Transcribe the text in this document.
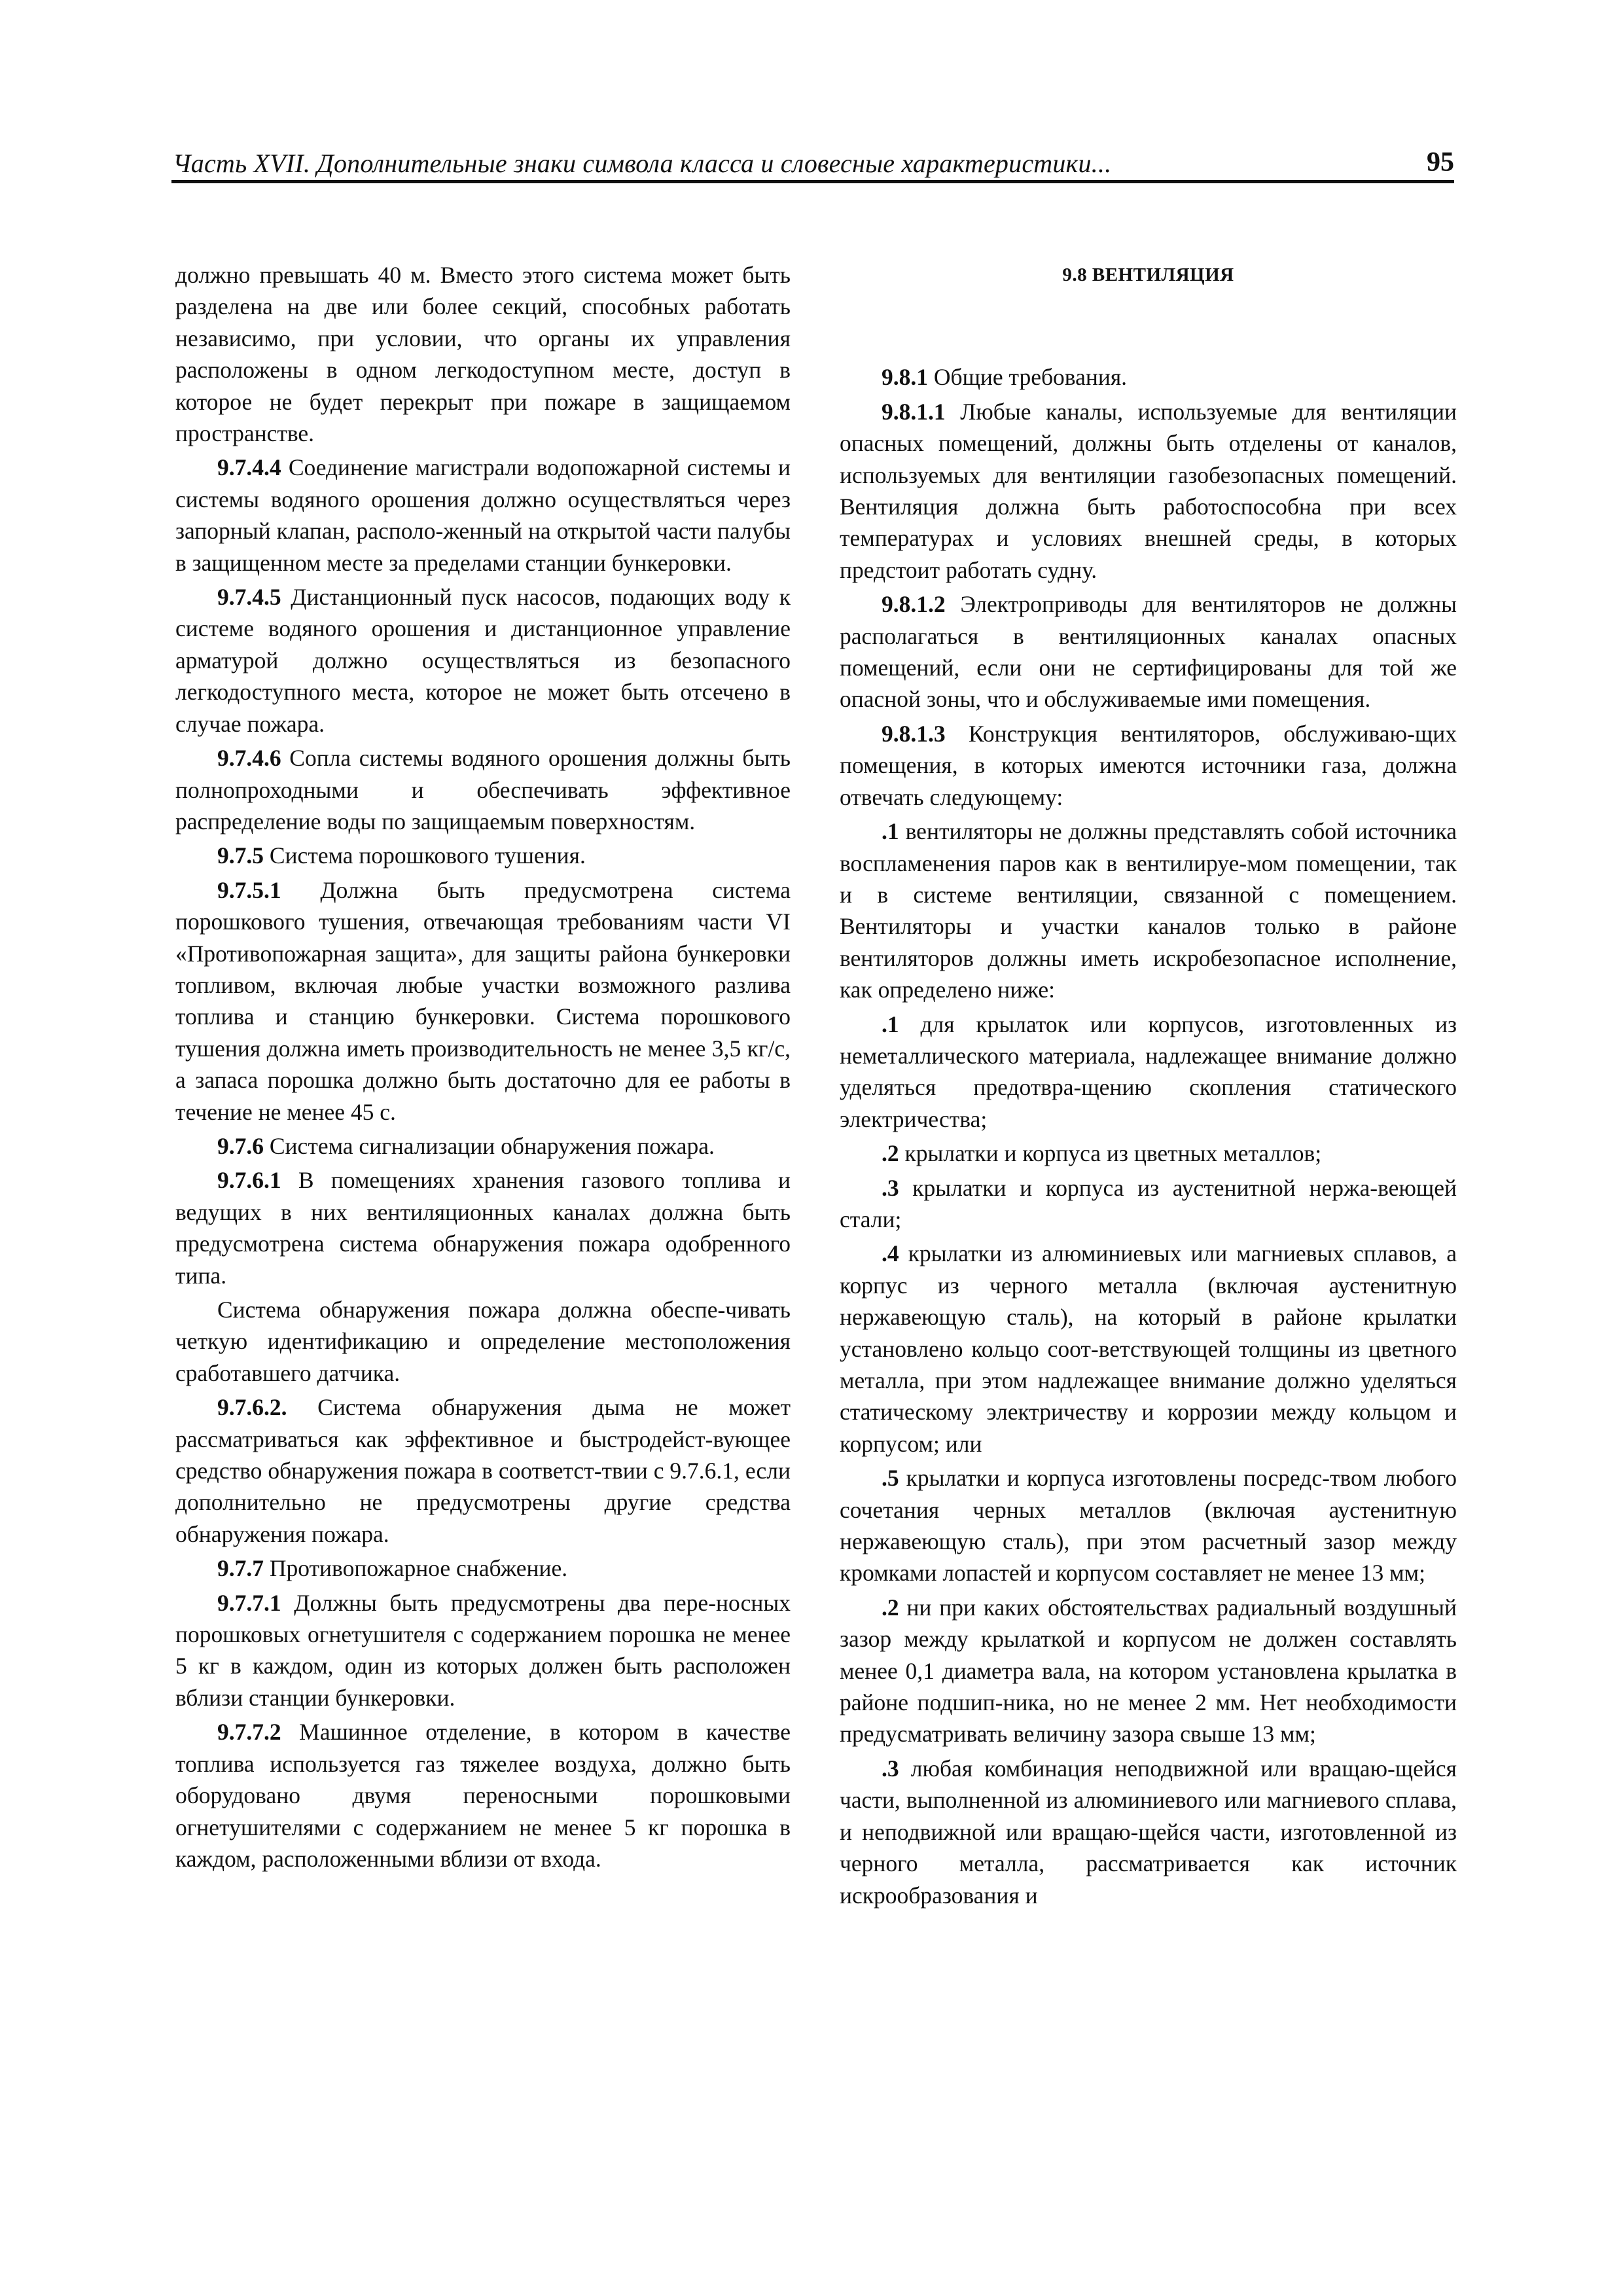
Часть XVII. Дополнительные знаки символа класса и словесные характеристики...	95

должно превышать 40 м. Вместо этого система может быть разделена на две или более секций, способных работать независимо, при условии, что органы их управления расположены в одном легкодоступном месте, доступ в которое не будет перекрыт при пожаре в защищаемом пространстве.

9.7.4.4 Соединение магистрали водопожарной системы и системы водяного орошения должно осуществляться через запорный клапан, располо-женный на открытой части палубы в защищенном месте за пределами станции бункеровки.

9.7.4.5 Дистанционный пуск насосов, подающих воду к системе водяного орошения и дистанционное управление арматурой должно осуществляться из безопасного легкодоступного места, которое не может быть отсечено в случае пожара.

9.7.4.6 Сопла системы водяного орошения должны быть полнопроходными и обеспечивать эффективное распределение воды по защищаемым поверхностям.

9.7.5 Система порошкового тушения.

9.7.5.1 Должна быть предусмотрена система порошкового тушения, отвечающая требованиям части VI «Противопожарная защита», для защиты района бункеровки топливом, включая любые участки возможного разлива топлива и станцию бункеровки. Система порошкового тушения должна иметь производительность не менее 3,5 кг/с, а запаса порошка должно быть достаточно для ее работы в течение не менее 45 с.

9.7.6 Система сигнализации обнаружения пожара.

9.7.6.1 В помещениях хранения газового топлива и ведущих в них вентиляционных каналах должна быть предусмотрена система обнаружения пожара одобренного типа.

Система обнаружения пожара должна обеспе-чивать четкую идентификацию и определение местоположения сработавшего датчика.

9.7.6.2. Система обнаружения дыма не может рассматриваться как эффективное и быстродейст-вующее средство обнаружения пожара в соответст-твии с 9.7.6.1, если дополнительно не предусмотрены другие средства обнаружения пожара.

9.7.7 Противопожарное снабжение.

9.7.7.1 Должны быть предусмотрены два пере-носных порошковых огнетушителя с содержанием порошка не менее 5 кг в каждом, один из которых должен быть расположен вблизи станции бункеровки.

9.7.7.2 Машинное отделение, в котором в качестве топлива используется газ тяжелее воздуха, должно быть оборудовано двумя переносными порошковыми огнетушителями с содержанием не менее 5 кг порошка в каждом, расположенными вблизи от входа.

9.8 ВЕНТИЛЯЦИЯ

9.8.1 Общие требования.

9.8.1.1 Любые каналы, используемые для вентиляции опасных помещений, должны быть отделены от каналов, используемых для вентиляции газобезопасных помещений. Вентиляция должна быть работоспособна при всех температурах и условиях внешней среды, в которых предстоит работать судну.

9.8.1.2 Электроприводы для вентиляторов не должны располагаться в вентиляционных каналах опасных помещений, если они не сертифицированы для той же опасной зоны, что и обслуживаемые ими помещения.

9.8.1.3 Конструкция вентиляторов, обслуживаю-щих помещения, в которых имеются источники газа, должна отвечать следующему:

.1 вентиляторы не должны представлять собой источника воспламенения паров как в вентилируе-мом помещении, так и в системе вентиляции, связанной с помещением. Вентиляторы и участки каналов только в районе вентиляторов должны иметь искробезопасное исполнение, как определено ниже:

.1 для крылаток или корпусов, изготовленных из неметаллического материала, надлежащее внимание должно уделяться предотвра-щению скопления статического электричества;

.2 крылатки и корпуса из цветных металлов;

.3 крылатки и корпуса из аустенитной нержа-веющей стали;

.4 крылатки из алюминиевых или магниевых сплавов, а корпус из черного металла (включая аустенитную нержавеющую сталь), на который в районе крылатки установлено кольцо соот-ветствующей толщины из цветного металла, при этом надлежащее внимание должно уделяться статическому электричеству и коррозии между кольцом и корпусом; или

.5 крылатки и корпуса изготовлены посредс-твом любого сочетания черных металлов (включая аустенитную нержавеющую сталь), при этом расчетный зазор между кромками лопастей и корпусом составляет не менее 13 мм;

.2 ни при каких обстоятельствах радиальный воздушный зазор между крылаткой и корпусом не должен составлять менее 0,1 диаметра вала, на котором установлена крылатка в районе подшип-ника, но не менее 2 мм. Нет необходимости предусматривать величину зазора свыше 13 мм;

.3 любая комбинация неподвижной или вращаю-щейся части, выполненной из алюминиевого или магниевого сплава, и неподвижной или вращаю-щейся части, изготовленной из черного металла, рассматривается как источник искрообразования и
